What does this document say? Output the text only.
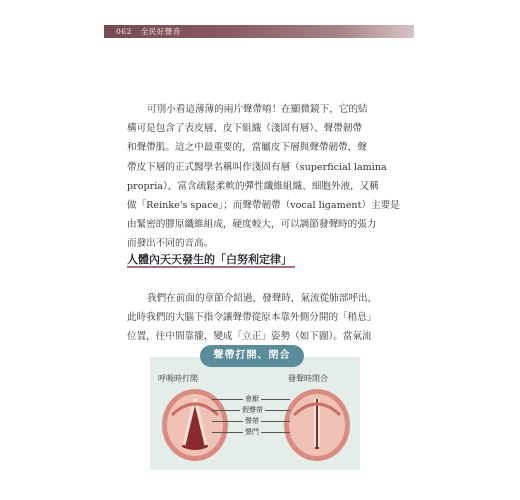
062 全民好聲音
可別小看這薄薄的兩片聲帶唷！在顯微鏡下，它的結
構可是包含了表皮層、皮下組織（淺固有層）、聲帶韌帶
和聲帶肌。這之中最重要的，當屬皮下層與聲帶韌帶，聲
帶皮下層的正式醫學名稱叫作淺固有層（superficial lamina
propria），富含疏鬆柔軟的彈性纖維組織、細胞外液，又稱
做「Reinke's space」；而聲帶韌帶（vocal ligament）主要是
由緊密的膠原纖維組成，硬度較大，可以調節發聲時的張力
而發出不同的音高。
人體內天天發生的「白努利定律」
我們在前面的章節介紹過，發聲時，氣流從肺部呼出，
此時我們的大腦下指令讓聲帶從原本靠外側分開的「稍息」
位置，往中間靠攏，變成「立正」姿勢（如下圖）。當氣流
聲帶打開、閉合
呼吸時打開	發聲時閉合
會厭
假聲帶
聲帶
聲門
